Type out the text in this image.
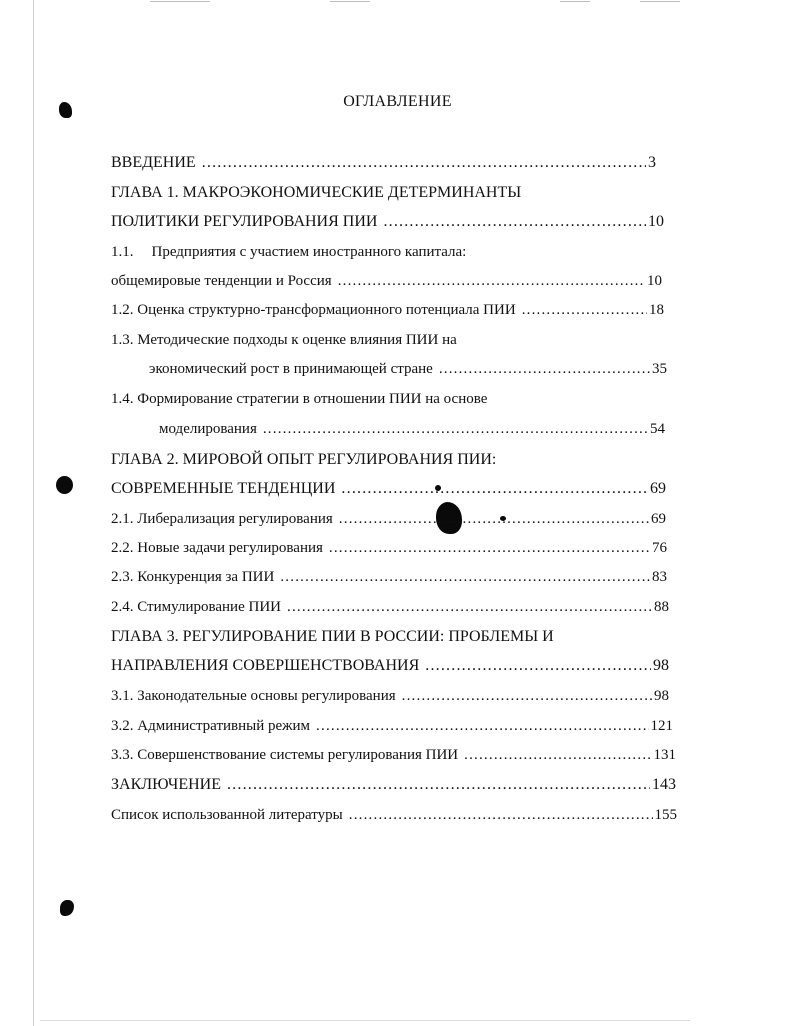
ОГЛАВЛЕНИЕ
ВВЕДЕНИЕ .....	3
ГЛАВА 1. МАКРОЭКОНОМИЧЕСКИЕ ДЕТЕРМИНАНТЫ
ПОЛИТИКИ РЕГУЛИРОВАНИЯ ПИИ .....	10
1.1. Предприятия с участием иностранного капитала:
общемировые тенденции и Россия .....	10
1.2. Оценка структурно-трансформационного потенциала ПИИ .....	18
1.3. Методические подходы к оценке влияния ПИИ на
экономический рост в принимающей стране .....	35
1.4. Формирование стратегии в отношении ПИИ на основе
моделирования .....	54
ГЛАВА 2. МИРОВОЙ ОПЫТ РЕГУЛИРОВАНИЯ ПИИ:
СОВРЕМЕННЫЕ ТЕНДЕНЦИИ .....	69
2.1. Либерализация регулирования .....	69
2.2. Новые задачи регулирования .....	76
2.3. Конкуренция за ПИИ .....	83
2.4. Стимулирование ПИИ .....	88
ГЛАВА 3. РЕГУЛИРОВАНИЕ ПИИ В РОССИИ: ПРОБЛЕМЫ И
НАПРАВЛЕНИЯ СОВЕРШЕНСТВОВАНИЯ .....	98
3.1. Законодательные основы регулирования .....	98
3.2. Административный режим .....	121
3.3. Совершенствование системы регулирования ПИИ .....	131
ЗАКЛЮЧЕНИЕ .....	143
Список использованной литературы .....	155
